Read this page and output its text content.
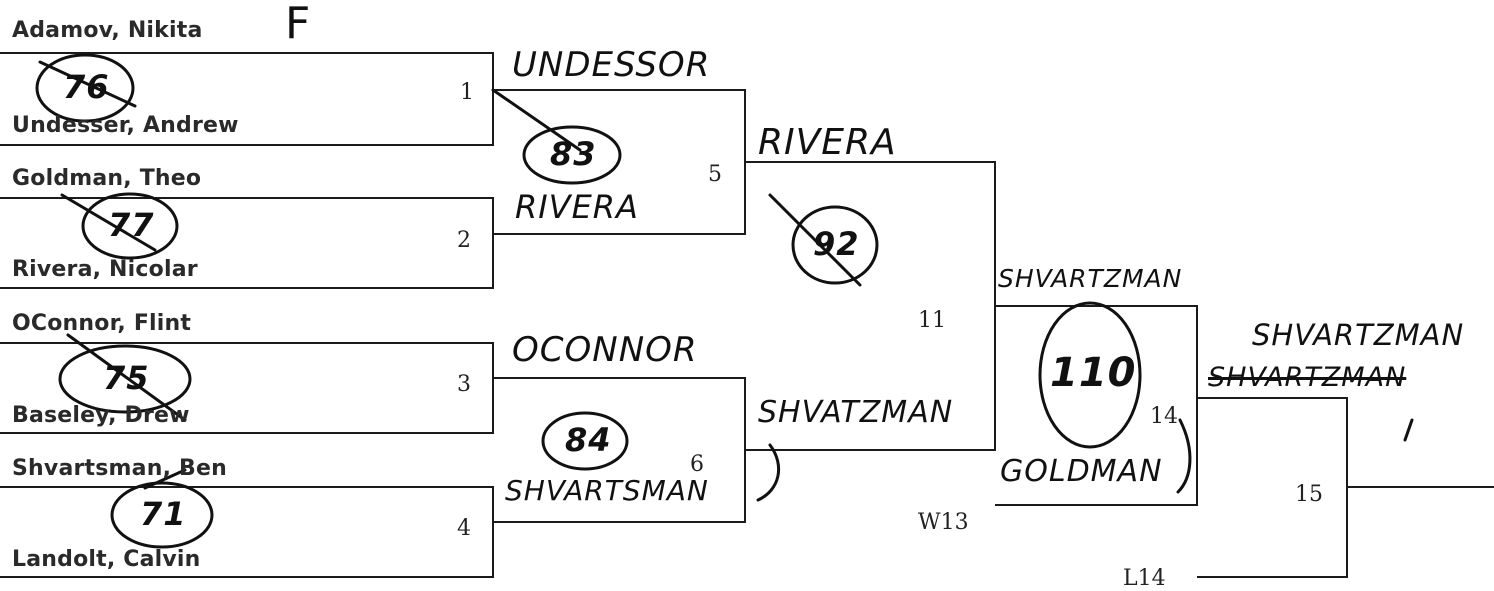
Adamov, Nikita
Undesser, Andrew
Goldman, Theo
Rivera, Nicolar
OConnor, Flint
Baseley, Drew
Shvartsman, Ben
Landolt, Calvin
1
2
3
4
5
6
11
14
15
W13
L14
F
76
77
75
71
83
84
92
110
UNDESSOR
RIVERA
OCONNOR
SHVARTSMAN
RIVERA
SHVATZMAN
SHVARTZMAN
GOLDMAN
SHVARTZMAN
SHVARTZMAN
